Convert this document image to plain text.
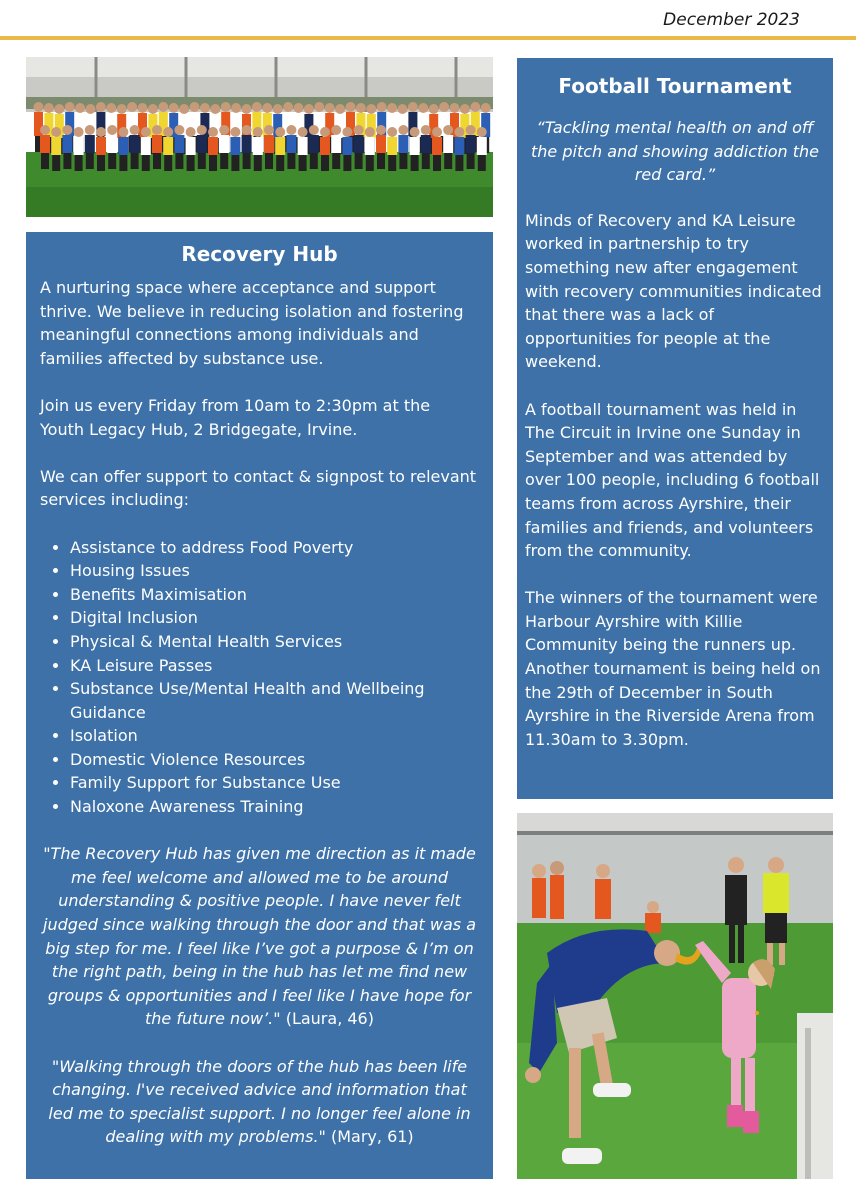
December 2023
Recovery Hub

A nurturing space where acceptance and support thrive. We believe in reducing isolation and fostering meaningful connections among individuals and families affected by substance use.

Join us every Friday from 10am to 2:30pm at the Youth Legacy Hub, 2 Bridgegate, Irvine.

We can offer support to contact & signpost to relevant services including:

• Assistance to address Food Poverty
• Housing Issues
• Benefits Maximisation
• Digital Inclusion
• Physical & Mental Health Services
• KA Leisure Passes
• Substance Use/Mental Health and Wellbeing Guidance
• Isolation
• Domestic Violence Resources
• Family Support for Substance Use
• Naloxone Awareness Training

"The Recovery Hub has given me direction as it made me feel welcome and allowed me to be around understanding & positive people. I have never felt judged since walking through the door and that was a big step for me. I feel like I’ve got a purpose & I’m on the right path, being in the hub has let me find new groups & opportunities and I feel like I have hope for the future now’." (Laura, 46)

"Walking through the doors of the hub has been life changing. I've received advice and information that led me to specialist support. I no longer feel alone in dealing with my problems." (Mary, 61)

Football Tournament

“Tackling mental health on and off the pitch and showing addiction the red card.”

Minds of Recovery and KA Leisure worked in partnership to try something new after engagement with recovery communities indicated that there was a lack of opportunities for people at the weekend.

A football tournament was held in The Circuit in Irvine one Sunday in September and was attended by over 100 people, including 6 football teams from across Ayrshire, their families and friends, and volunteers from the community.

The winners of the tournament were Harbour Ayrshire with Killie Community being the runners up. Another tournament is being held on the 29th of December in South Ayrshire in the Riverside Arena from 11.30am to 3.30pm.
